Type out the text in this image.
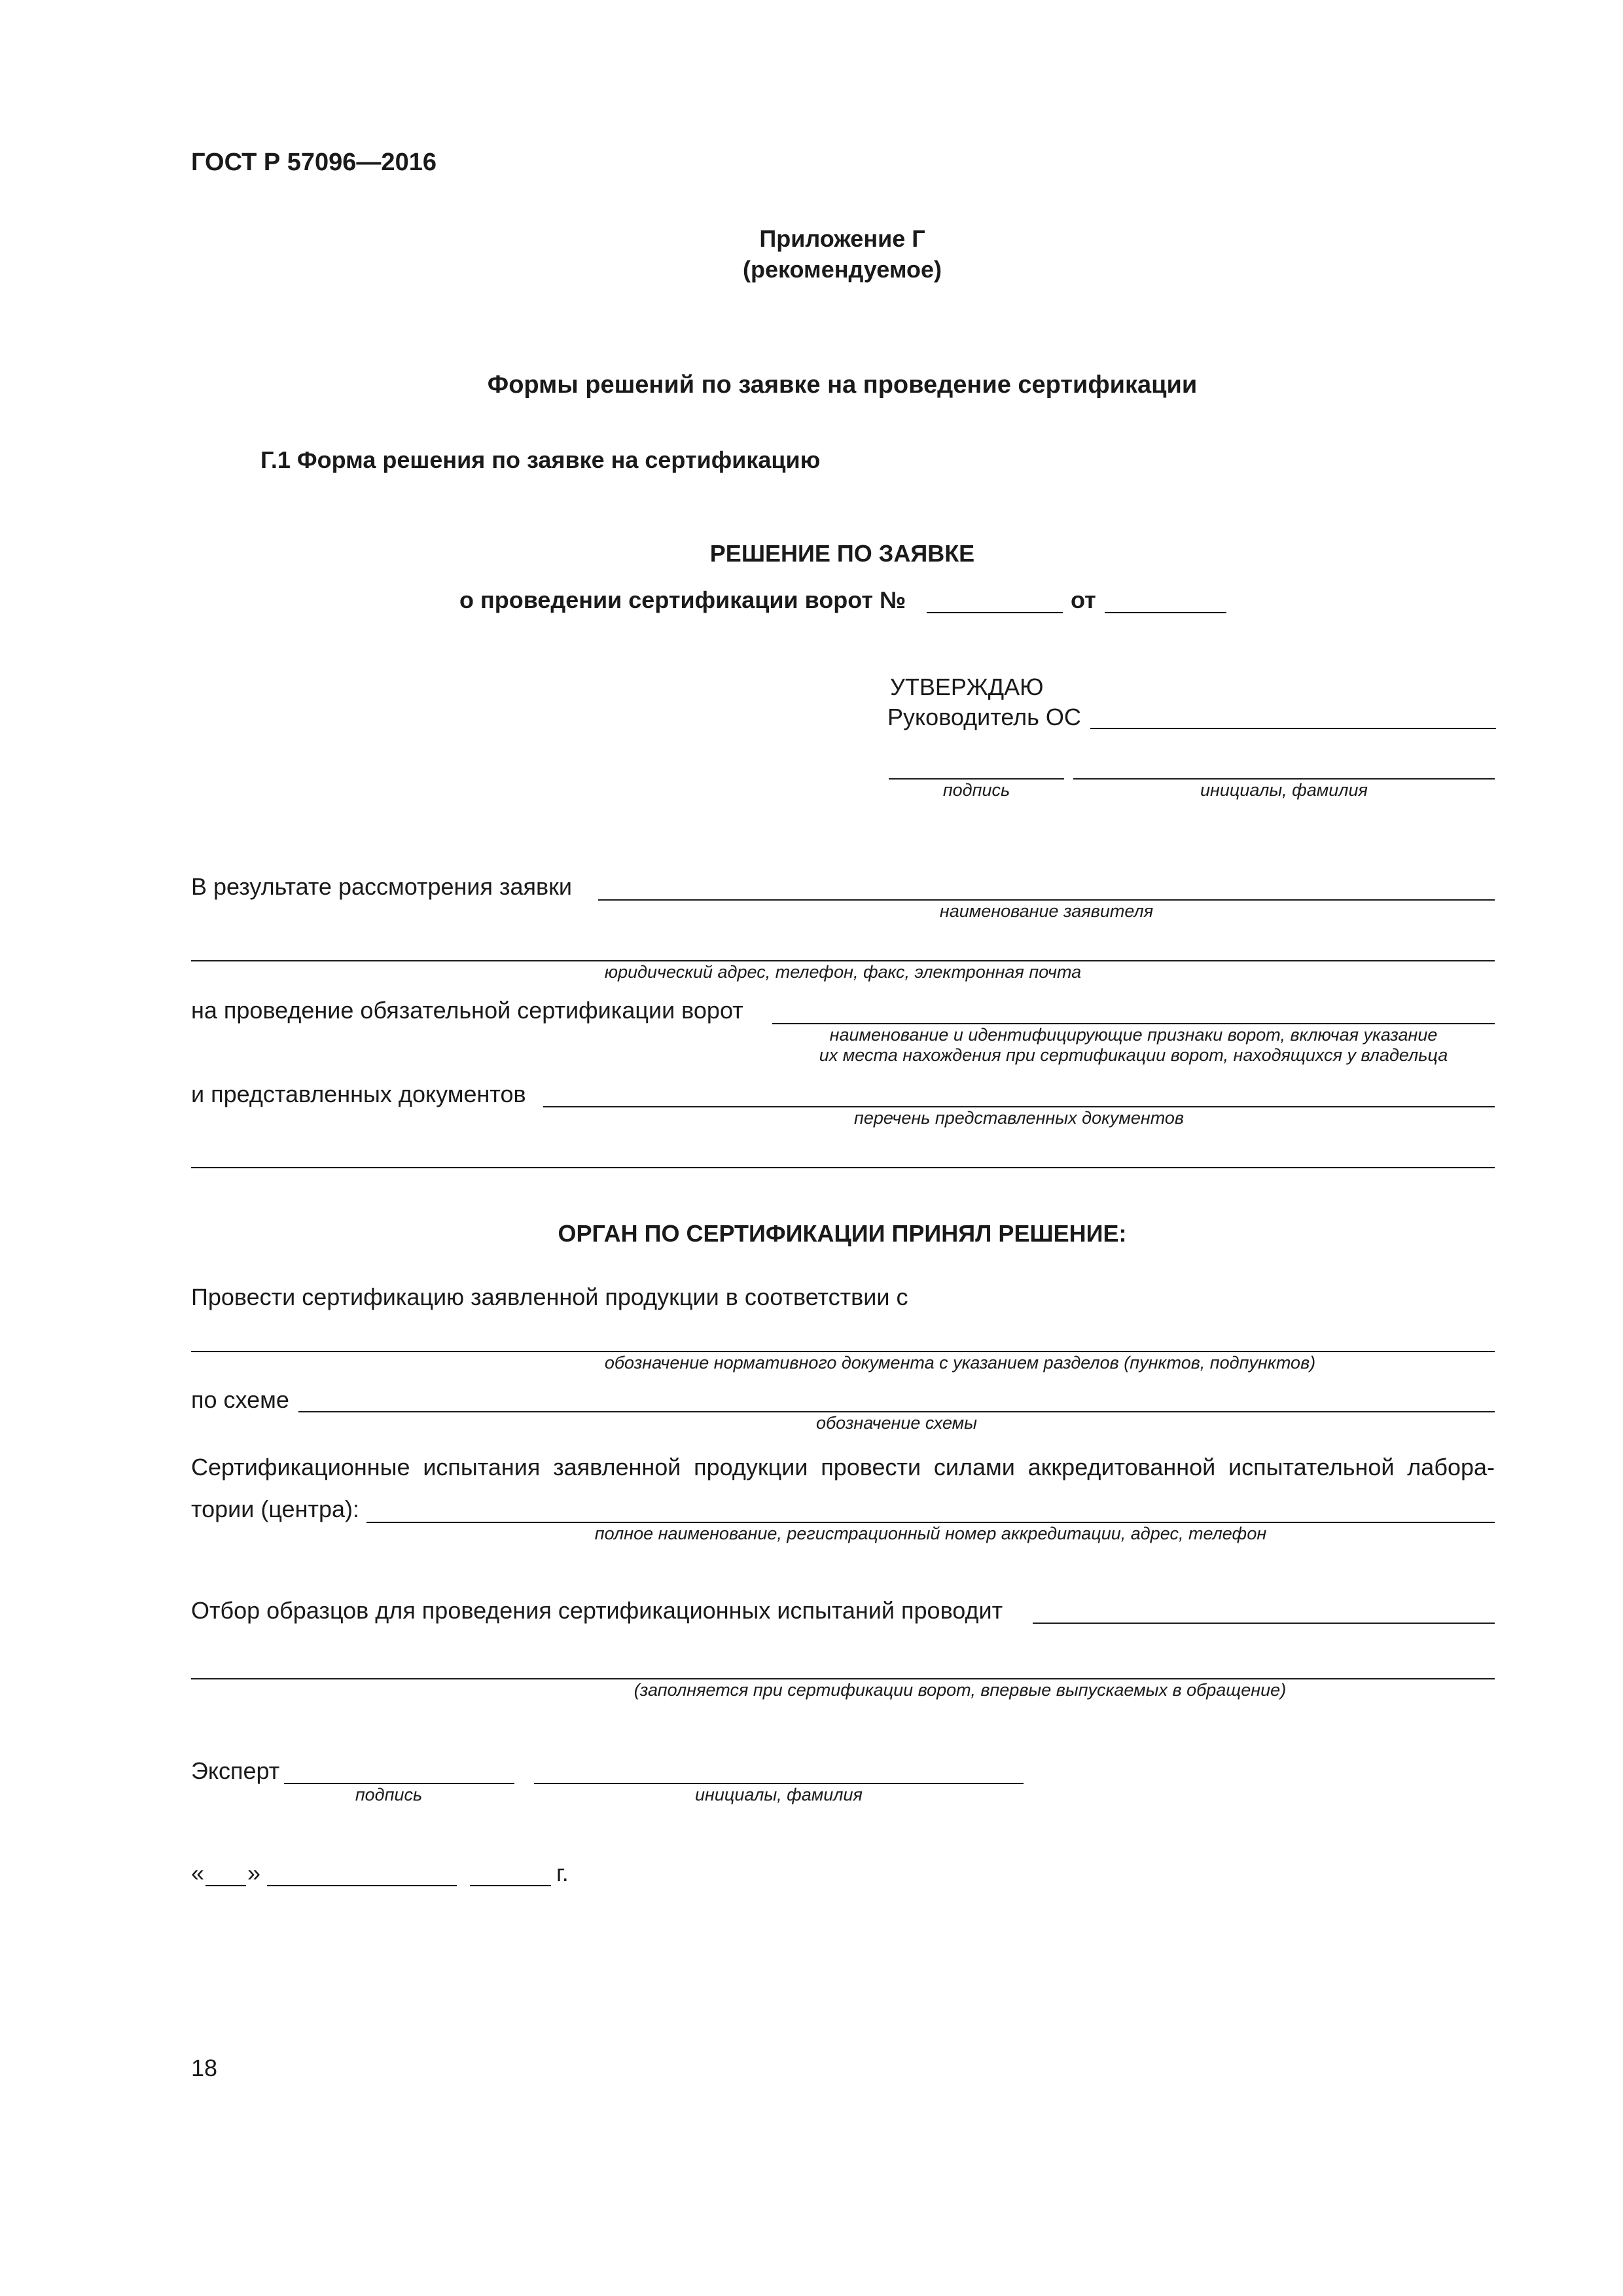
ГОСТ Р 57096—2016
Приложение Г
(рекомендуемое)
Формы решений по заявке на проведение сертификации
Г.1 Форма решения по заявке на сертификацию
РЕШЕНИЕ ПО ЗАЯВКЕ
о проведении сертификации ворот №	от
УТВЕРЖДАЮ
Руководитель ОС
подпись	инициалы, фамилия
В результате рассмотрения заявки
наименование заявителя
юридический адрес, телефон, факс, электронная почта
на проведение обязательной сертификации ворот
наименование и идентифицирующие признаки ворот, включая указание
их места нахождения при сертификации ворот, находящихся у владельца
и представленных документов
перечень представленных документов
ОРГАН ПО СЕРТИФИКАЦИИ ПРИНЯЛ РЕШЕНИЕ:
Провести сертификацию заявленной продукции в соответствии с
обозначение нормативного документа с указанием разделов (пунктов, подпунктов)
по схеме
обозначение схемы
Сертификационные испытания заявленной продукции провести силами аккредитованной испытательной лабора-
тории (центра):
полное наименование, регистрационный номер аккредитации, адрес, телефон
Отбор образцов для проведения сертификационных испытаний проводит
(заполняется при сертификации ворот, впервые выпускаемых в обращение)
Эксперт
подпись	инициалы, фамилия
« »	г.
18
